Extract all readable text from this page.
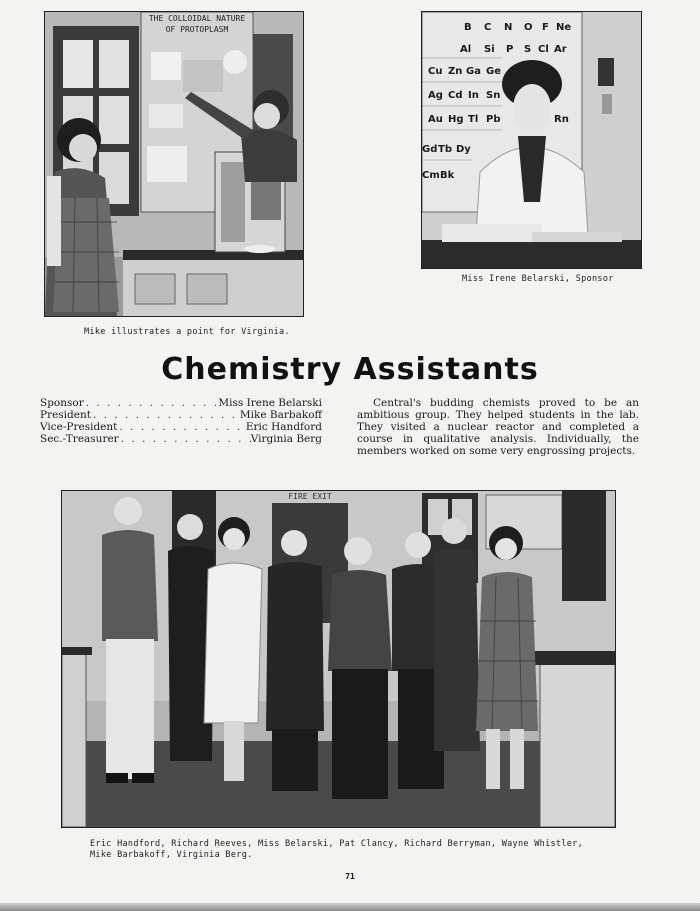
THE COLLOIDAL NATURE
OF PROTOPLASM
Mike illustrates a point for Virginia.
B C N O F Ne
Al Si P S Cl Ar
Cu Zn Ga Ge
Ag Cd In Sn
Au Hg Tl Pb	Rn
Gd Tb Dy
Cm Bk
Miss Irene Belarski, Sponsor
Chemistry Assistants
Sponsor . . .	Miss Irene Belarski
President . . .	Mike Barbakoff
Vice-President . . .	Eric Handford
Sec.-Treasurer . . .	Virginia Berg

Central's budding chemists proved to be an ambitious group. They helped students in the lab. They visited a nuclear reactor and completed a course in qualitative analysis. Individually, the members worked on some very engrossing projects.

FIRE EXIT
Eric Handford, Richard Reeves, Miss Belarski, Pat Clancy, Richard Berryman, Wayne Whistler, Mike Barbakoff, Virginia Berg.
71
